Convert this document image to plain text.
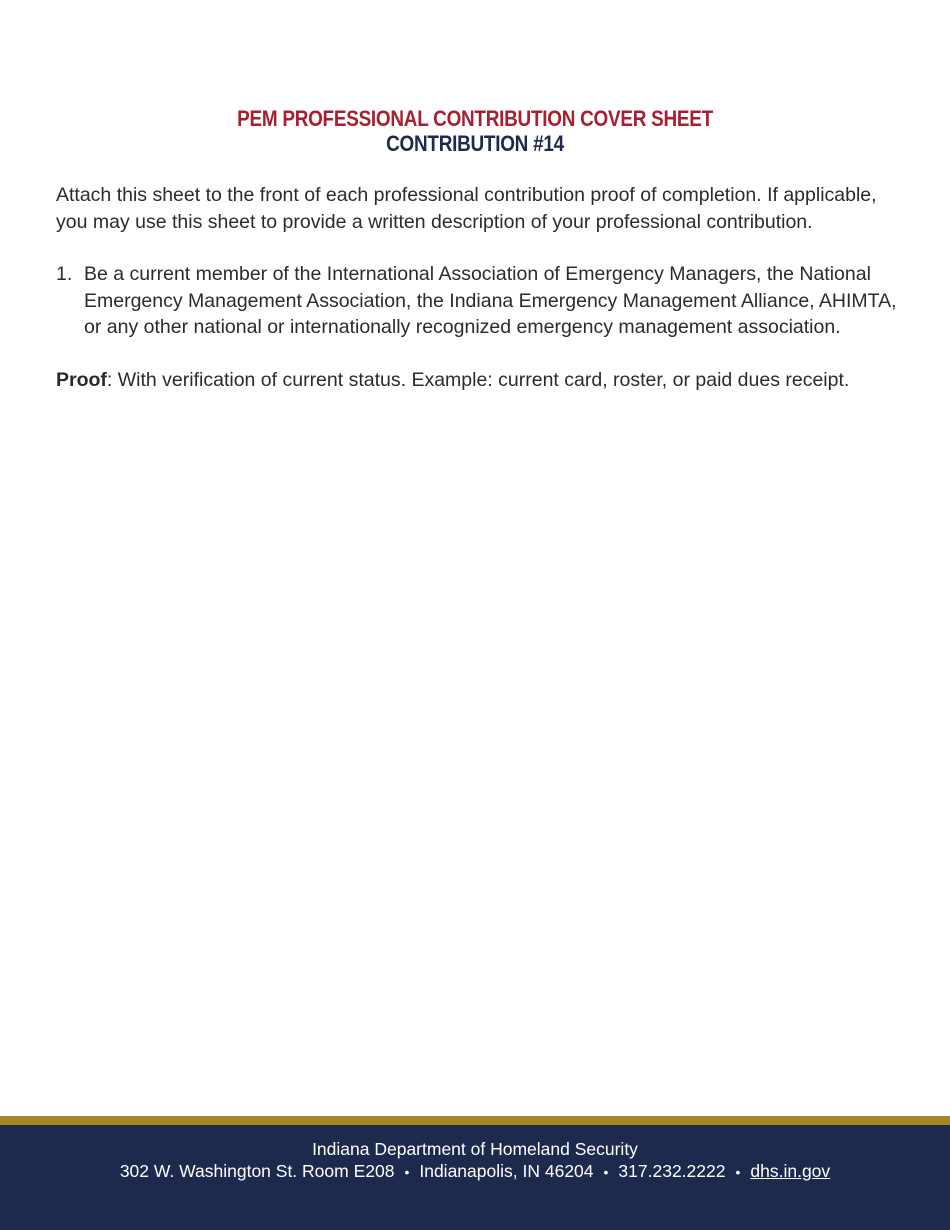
PEM PROFESSIONAL CONTRIBUTION COVER SHEET
CONTRIBUTION #14

Attach this sheet to the front of each professional contribution proof of completion. If applicable, you may use this sheet to provide a written description of your professional contribution.

1. Be a current member of the International Association of Emergency Managers, the National Emergency Management Association, the Indiana Emergency Management Alliance, AHIMTA, or any other national or internationally recognized emergency management association.

Proof: With verification of current status. Example: current card, roster, or paid dues receipt.

Indiana Department of Homeland Security
302 W. Washington St. Room E208 • Indianapolis, IN 46204 • 317.232.2222 • dhs.in.gov
